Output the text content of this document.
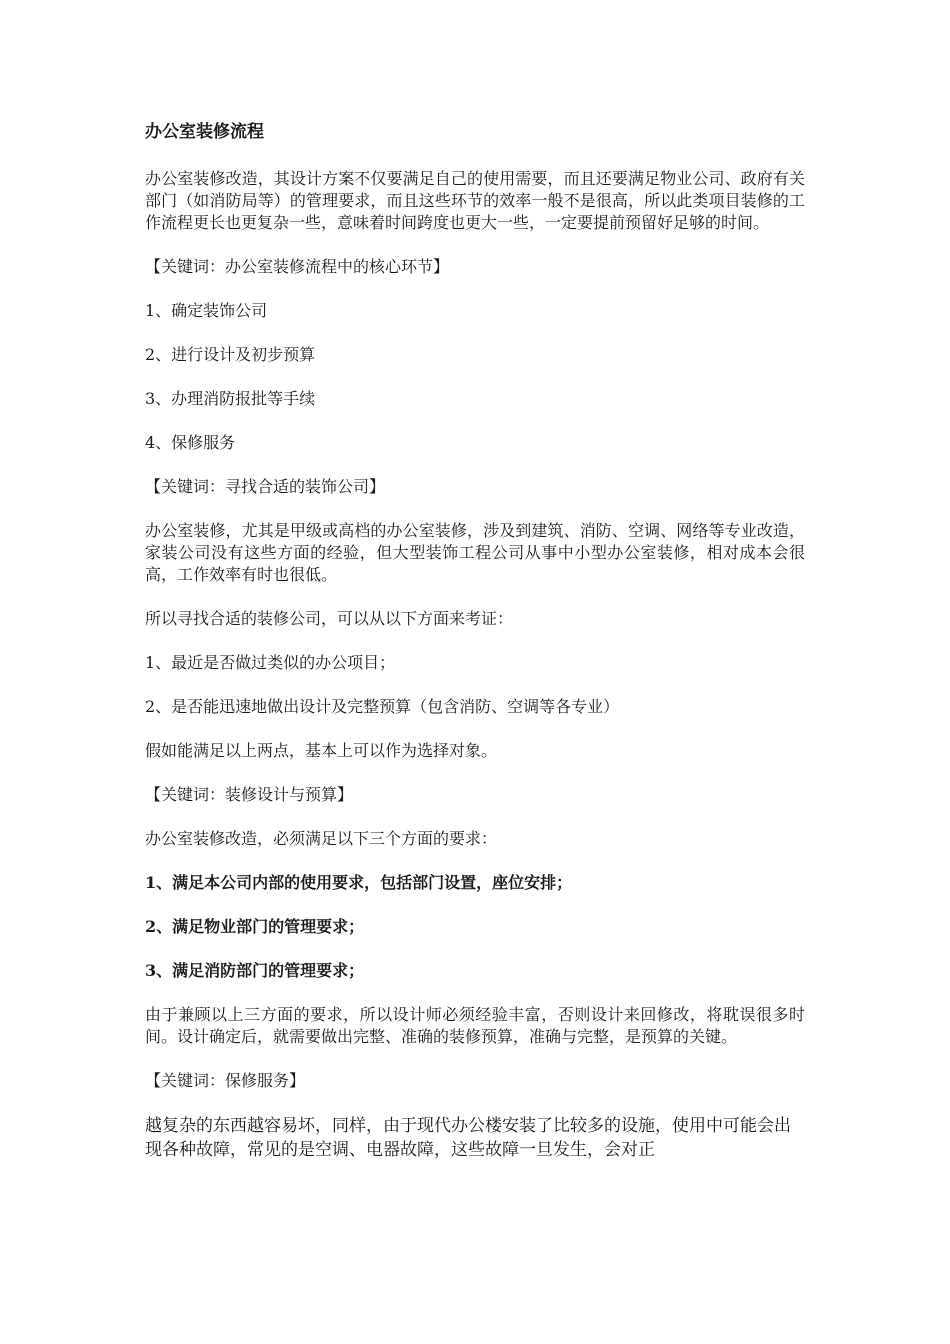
办公室装修流程

办公室装修改造，其设计方案不仅要满足自己的使用需要，而且还要满足物业公司、政府有关部门（如消防局等）的管理要求，而且这些环节的效率一般不是很高，所以此类项目装修的工作流程更长也更复杂一些，意味着时间跨度也更大一些，一定要提前预留好足够的时间。

【关键词：办公室装修流程中的核心环节】

1、确定装饰公司

2、进行设计及初步预算

3、办理消防报批等手续

4、保修服务

【关键词：寻找合适的装饰公司】

办公室装修，尤其是甲级或高档的办公室装修，涉及到建筑、消防、空调、网络等专业改造，家装公司没有这些方面的经验，但大型装饰工程公司从事中小型办公室装修，相对成本会很高，工作效率有时也很低。

所以寻找合适的装修公司，可以从以下方面来考证：

1、最近是否做过类似的办公项目；

2、是否能迅速地做出设计及完整预算（包含消防、空调等各专业）

假如能满足以上两点，基本上可以作为选择对象。

【关键词：装修设计与预算】

办公室装修改造，必须满足以下三个方面的要求：

1、满足本公司内部的使用要求，包括部门设置，座位安排；

2、满足物业部门的管理要求；

3、满足消防部门的管理要求；

由于兼顾以上三方面的要求，所以设计师必须经验丰富，否则设计来回修改，将耽误很多时间。设计确定后，就需要做出完整、准确的装修预算，准确与完整，是预算的关键。

【关键词：保修服务】

越复杂的东西越容易坏，同样，由于现代办公楼安装了比较多的设施，使用中可能会出现各种故障，常见的是空调、电器故障，这些故障一旦发生，会对正
